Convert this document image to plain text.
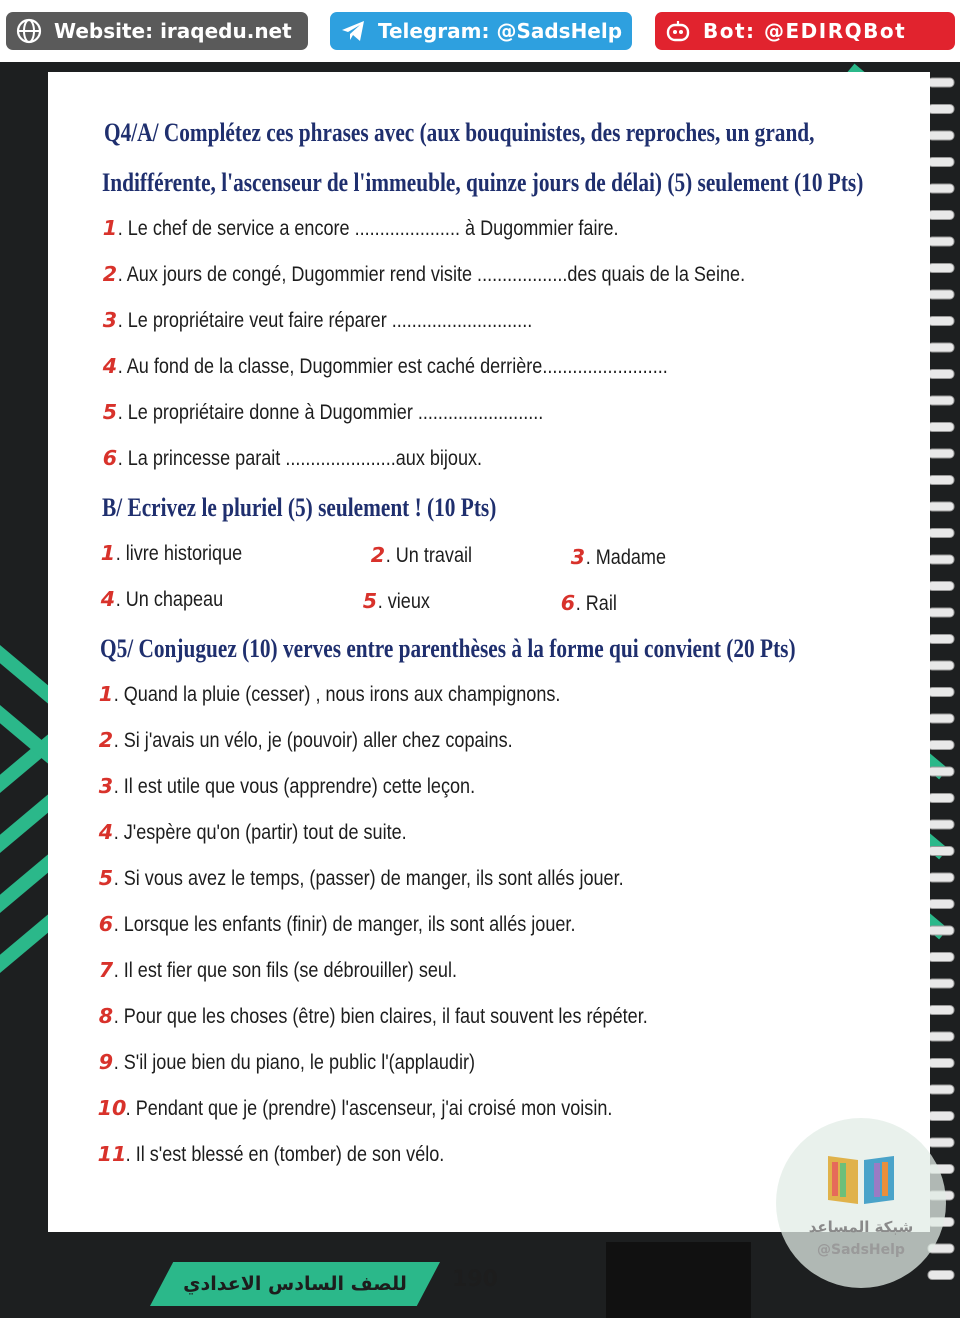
Website: iraqedu.net	Telegram: @SadsHelp	Bot: @EDIRQBot
Q4/A/ Complétez ces phrases avec (aux bouquinistes, des reproches, un grand,
Indifférente, l'ascenseur de l'immeuble, quinze jours de délai) (5) seulement (10 Pts)
1. Le chef de service a encore ..................... à Dugommier faire.
2. Aux jours de congé, Dugommier rend visite ..................des quais de la Seine.
3. Le propriétaire veut faire réparer ............................
4. Au fond de la classe, Dugommier est caché derrière.........................
5. Le propriétaire donne à Dugommier .........................
6. La princesse parait ......................aux bijoux.
B/ Ecrivez le pluriel (5) seulement ! (10 Pts)
1. livre historique	2. Un travail	3. Madame
4. Un chapeau	5. vieux	6. Rail
Q5/ Conjuguez (10) verves entre parenthèses à la forme qui convient (20 Pts)
1. Quand la pluie (cesser) , nous irons aux champignons.
2. Si j'avais un vélo, je (pouvoir) aller chez copains.
3. Il est utile que vous (apprendre) cette leçon.
4. J'espère qu'on (partir) tout de suite.
5. Si vous avez le temps, (passer) de manger, ils sont allés jouer.
6. Lorsque les enfants (finir) de manger, ils sont allés jouer.
7. Il est fier que son fils (se débrouiller) seul.
8. Pour que les choses (être) bien claires, il faut souvent les répéter.
9. S'il joue bien du piano, le public l'(applaudir)
10. Pendant que je (prendre) l'ascenseur, j'ai croisé mon voisin.
11. Il s'est blessé en (tomber) de son vélo.
للصف السادس الاعدادي	190
شبكة المساعد
@SadsHelp
